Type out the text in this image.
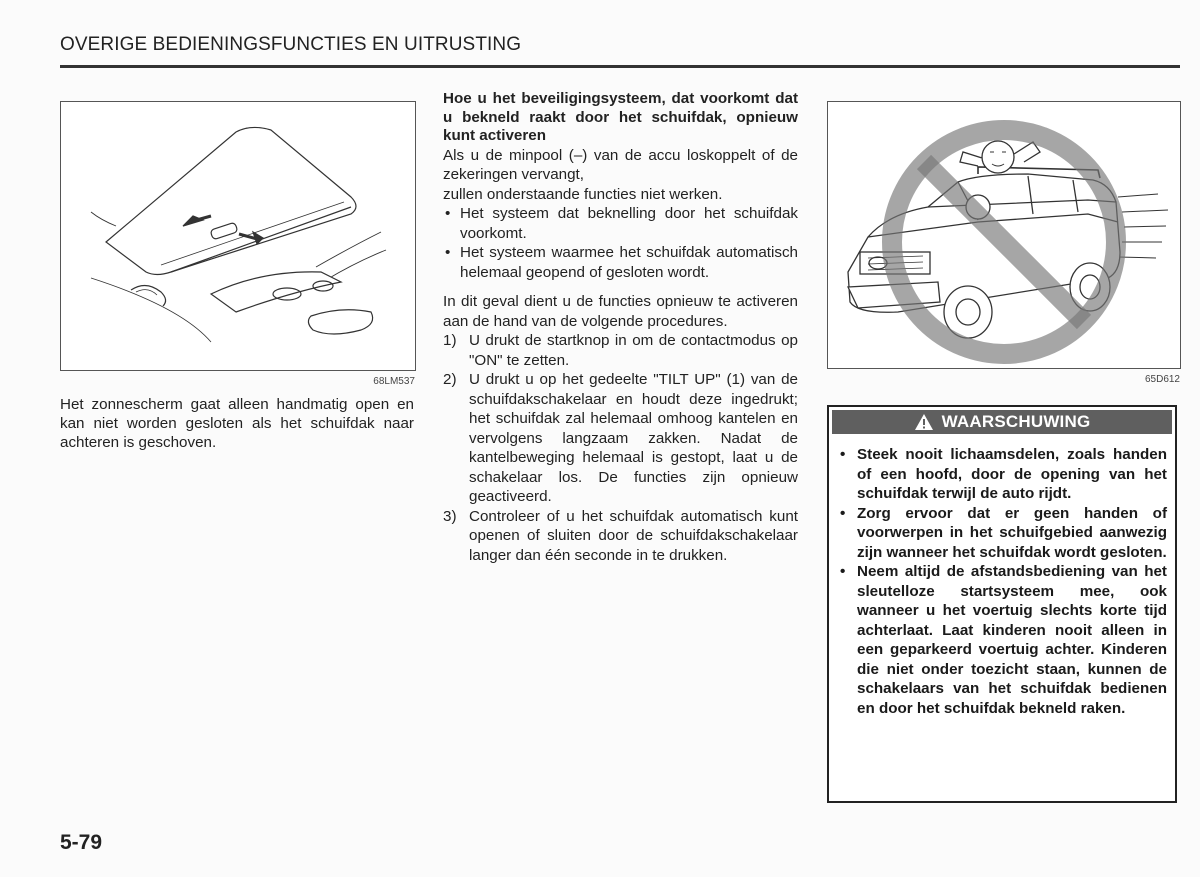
OVERIGE BEDIENINGSFUNCTIES EN UITRUSTING
68LM537
Het zonnescherm gaat alleen handmatig open en kan niet worden gesloten als het schuifdak naar achteren is geschoven.
Hoe u het beveiligingsysteem, dat voorkomt dat u bekneld raakt door het schuifdak, opnieuw kunt activeren

Als u de minpool (–) van de accu loskoppelt of de zekeringen vervangt,

zullen onderstaande functies niet werken.

• Het systeem dat beknelling door het schuifdak voorkomt.
• Het systeem waarmee het schuifdak automatisch helemaal geopend of gesloten wordt.

In dit geval dient u de functies opnieuw te activeren aan de hand van de volgende procedures.

1) U drukt de startknop in om de contactmodus op "ON" te zetten.
2) U drukt u op het gedeelte "TILT UP" (1) van de schuifdakschakelaar en houdt deze ingedrukt; het schuifdak zal helemaal omhoog kantelen en vervolgens langzaam zakken. Nadat de kantelbeweging helemaal is gestopt, laat u de schakelaar los. De functies zijn opnieuw geactiveerd.
3) Controleer of u het schuifdak automatisch kunt openen of sluiten door de schuifdakschakelaar langer dan één seconde in te drukken.
65D612
WAARSCHUWING
• Steek nooit lichaamsdelen, zoals handen of een hoofd, door de opening van het schuifdak terwijl de auto rijdt.
• Zorg ervoor dat er geen handen of voorwerpen in het schuifgebied aanwezig zijn wanneer het schuifdak wordt gesloten.
• Neem altijd de afstandsbediening van het sleutelloze startsysteem mee, ook wanneer u het voertuig slechts korte tijd achterlaat. Laat kinderen nooit alleen in een geparkeerd voertuig achter. Kinderen die niet onder toezicht staan, kunnen de schakelaars van het schuifdak bedienen en door het schuifdak bekneld raken.
5-79
